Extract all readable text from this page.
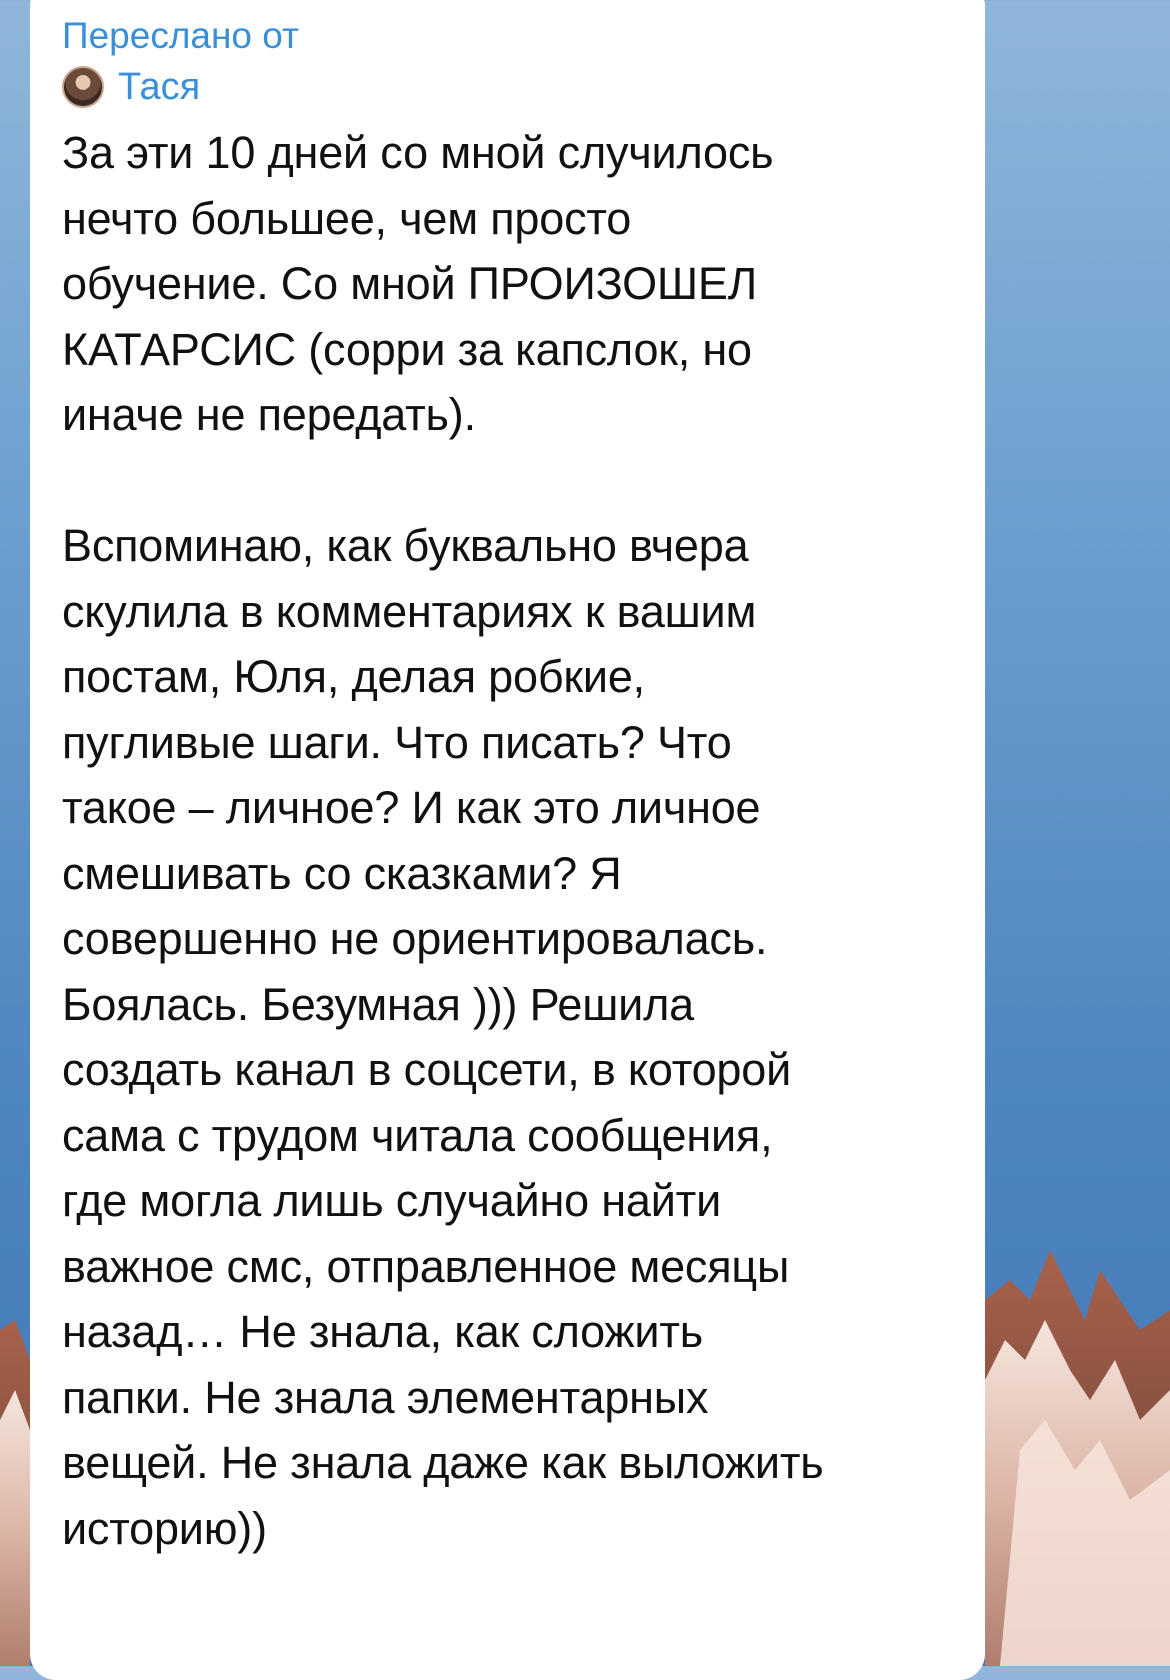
Переслано от
Тася
За эти 10 дней со мной случилось
нечто большее, чем просто
обучение. Со мной ПРОИЗОШЕЛ
КАТАРСИС (сорри за капслок, но
иначе не передать).

Вспоминаю, как буквально вчера
скулила в комментариях к вашим
постам, Юля, делая робкие,
пугливые шаги. Что писать? Что
такое – личное? И как это личное
смешивать со сказками? Я
совершенно не ориентировалась.
Боялась. Безумная ))) Решила
создать канал в соцсети, в которой
сама с трудом читала сообщения,
где могла лишь случайно найти
важное смс, отправленное месяцы
назад… Не знала, как сложить
папки. Не знала элементарных
вещей. Не знала даже как выложить
историю))
